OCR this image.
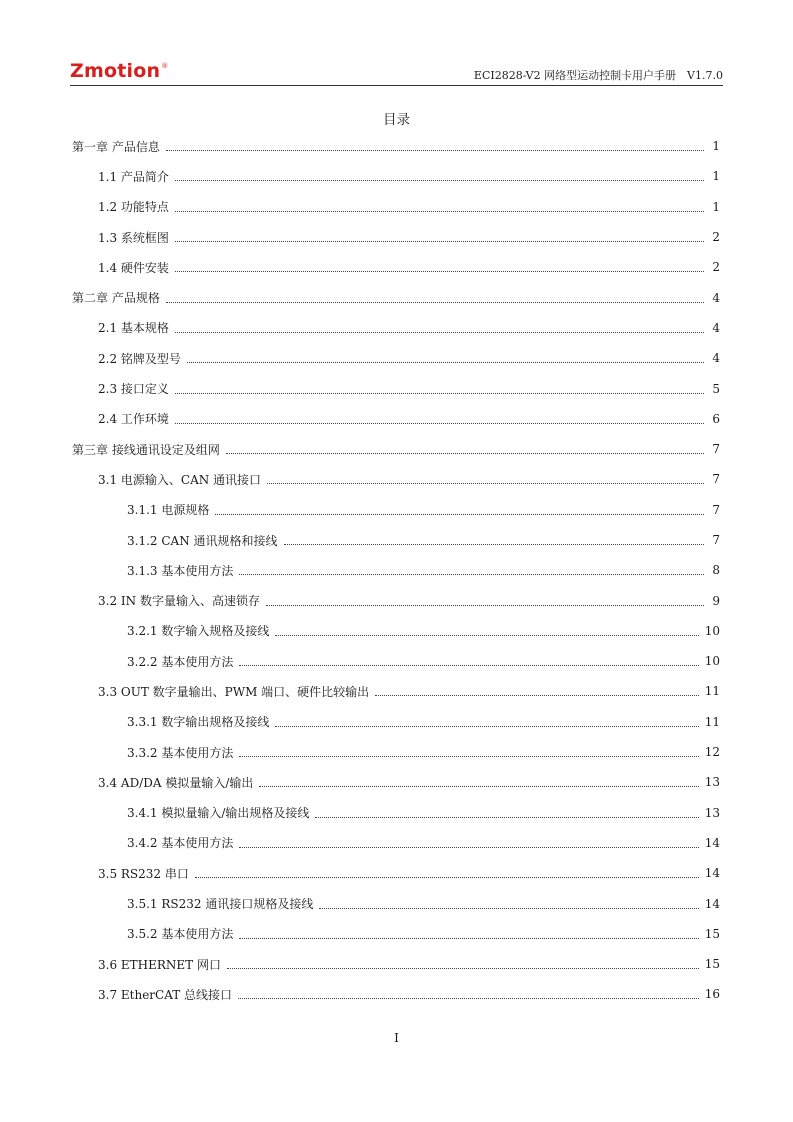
Zmotion®
ECI2828-V2 网络型运动控制卡用户手册　V1.7.0
目录
第一章 产品信息	1
1.1 产品简介	1
1.2 功能特点	1
1.3 系统框图	2
1.4 硬件安装	2
第二章 产品规格	4
2.1 基本规格	4
2.2 铭牌及型号	4
2.3 接口定义	5
2.4 工作环境	6
第三章 接线通讯设定及组网	7
3.1 电源输入、CAN 通讯接口	7
3.1.1 电源规格	7
3.1.2 CAN 通讯规格和接线	7
3.1.3 基本使用方法	8
3.2 IN 数字量输入、高速锁存	9
3.2.1 数字输入规格及接线	10
3.2.2 基本使用方法	10
3.3 OUT 数字量输出、PWM 端口、硬件比较输出	11
3.3.1 数字输出规格及接线	11
3.3.2 基本使用方法	12
3.4 AD/DA 模拟量输入/输出	13
3.4.1 模拟量输入/输出规格及接线	13
3.4.2 基本使用方法	14
3.5 RS232 串口	14
3.5.1 RS232 通讯接口规格及接线	14
3.5.2 基本使用方法	15
3.6 ETHERNET 网口	15
3.7 EtherCAT 总线接口	16
I
